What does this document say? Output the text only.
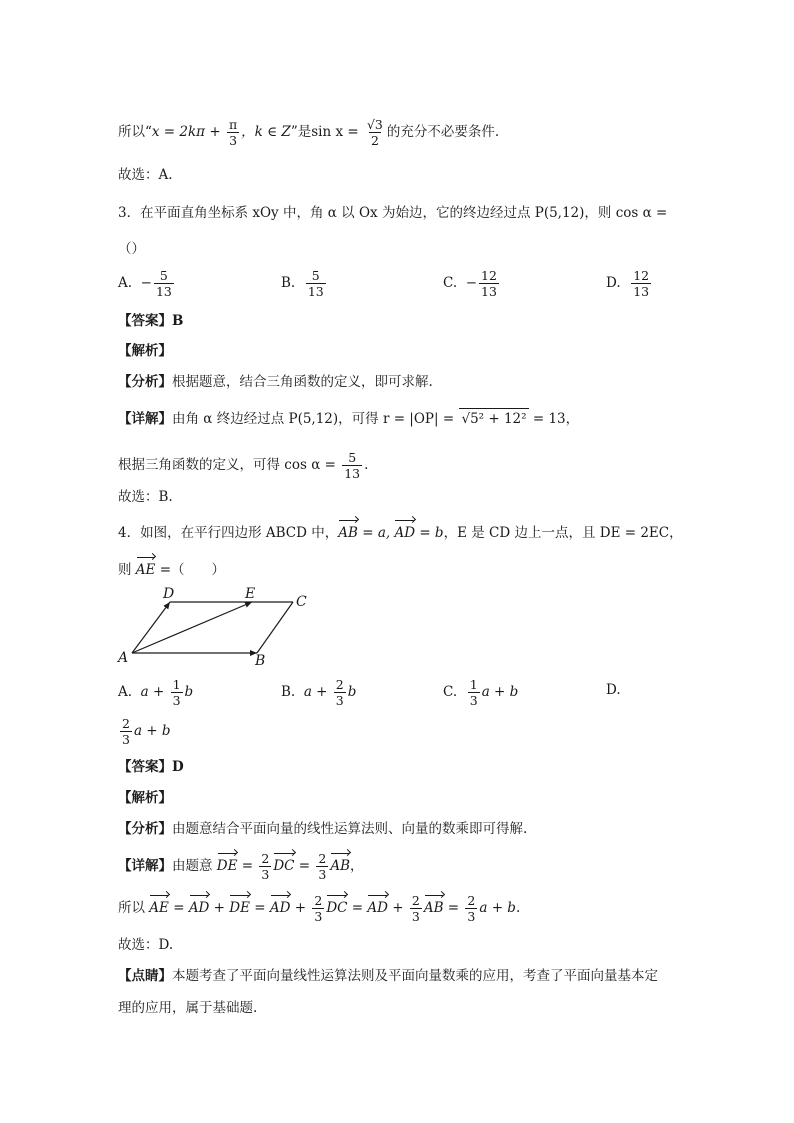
所以“$x = 2k\pi + \frac{\pi}{3}$ ，k ∈ Z”是$\sin x = \frac{√3}{2}$ 的充分不必要条件.
故选：A.
3．在平面直角坐标系 xOy 中，角 α 以 Ox 为始边，它的终边经过点 P(5,12)，则 cos α =
（）
A. − $\frac{5}{13}$	B. $\frac{5}{13}$	C. − $\frac{12}{13}$	D. $\frac{12}{13}$
【答案】B
【解析】
【分析】根据题意，结合三角函数的定义，即可求解.
【详解】由角 α 终边经过点 P(5,12)，可得 r = |OP| = √5² + 12² = 13，
根据三角函数的定义，可得 $\cos \alpha = \frac{5}{13}$ .
故选：B.
4．如图，在平行四边形 ABCD 中，AB = a, AD = b，E 是 CD 边上一点，且 DE = 2EC，
则 AE =（　　）
A	B
C
D	E
A. $a + \frac{1}{3}$ b	B. $a + \frac{2}{3}$ b	C. $\frac{1}{3}$ a + b	D.
$\frac{2}{3}$ a + b
【答案】D
【解析】
【分析】由题意结合平面向量的线性运算法则、向量的数乘即可得解.
【详解】由题意 DE = $\frac{2}{3}$ DC = $\frac{2}{3}$ AB，
所以 AE = AD + DE = AD + $\frac{2}{3}$ DC = AD + $\frac{2}{3}$ AB = $\frac{2}{3}$ a + b.
故选：D.
【点睛】本题考查了平面向量线性运算法则及平面向量数乘的应用，考查了平面向量基本定
理的应用，属于基础题.
